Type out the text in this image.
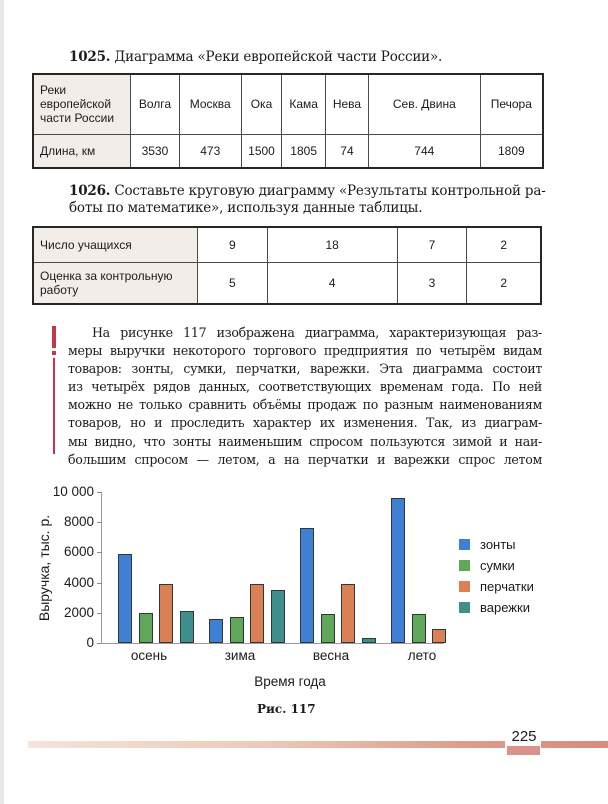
1025. Диаграмма «Реки европейской части России».
Реки европейской части России	Волга	Москва	Ока	Кама	Нева	Сев. Двина	Печора
Длина, км	3530	473	1500	1805	74	744	1809
1026. Составьте круговую диаграмму «Результаты контрольной ра-
боты по математике», используя данные таблицы.
Число учащихся	9	18	7	2
Оценка за контрольную работу	5	4	3	2
На рисунке 117 изображена диаграмма, характеризующая раз-
меры выручки некоторого торгового предприятия по четырём видам
товаров: зонты, сумки, перчатки, варежки. Эта диаграмма состоит
из четырёх рядов данных, соответствующих временам года. По ней
можно не только сравнить объёмы продаж по разным наименованиям
товаров, но и проследить характер их изменения. Так, из диаграм-
мы видно, что зонты наименьшим спросом пользуются зимой и наи-
большим спросом — летом, а на перчатки и варежки спрос летом
Выручка, тыс. р.
0
2000
4000
6000
8000
10 000
осень	зима	весна	лето
Время года
зонты
сумки
перчатки
варежки
Рис. 117
225
